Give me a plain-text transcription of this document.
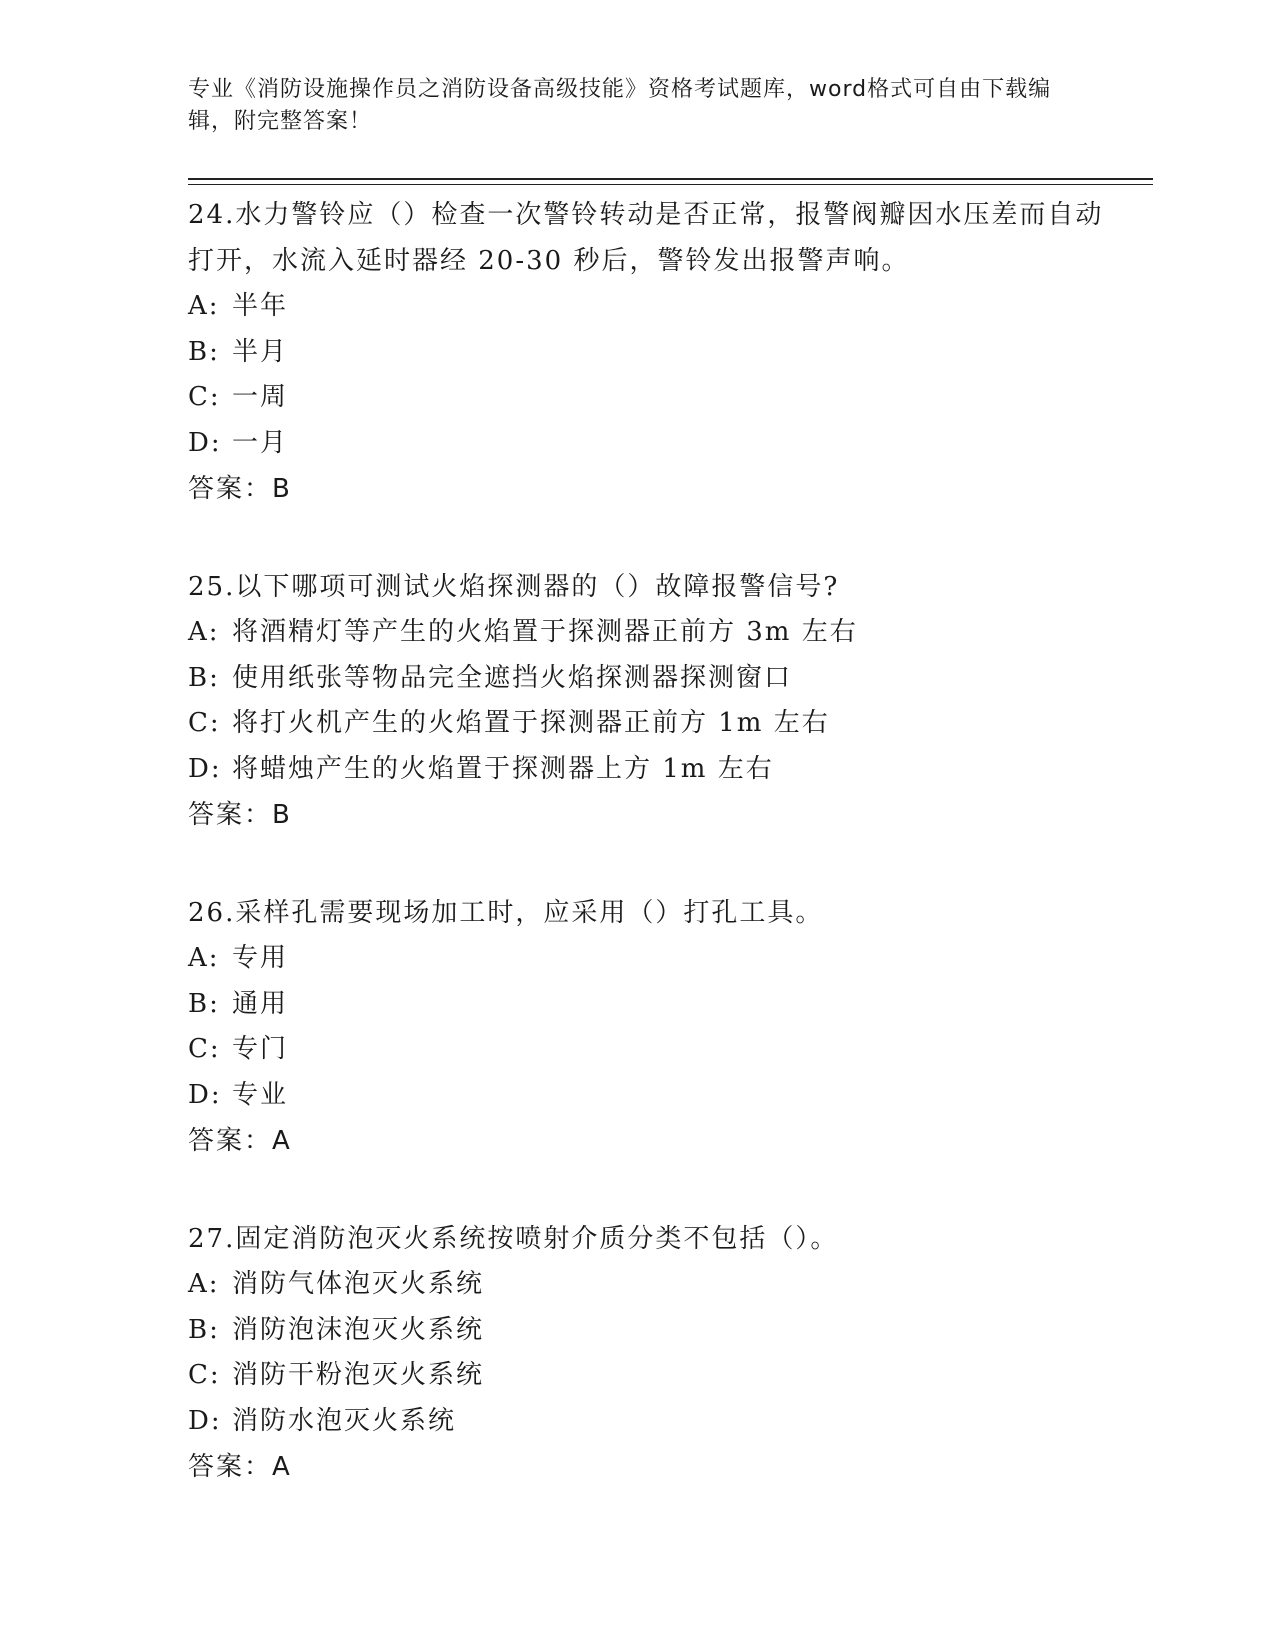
专业《消防设施操作员之消防设备高级技能》资格考试题库，word格式可自由下载编辑，附完整答案！

24.水力警铃应（）检查一次警铃转动是否正常，报警阀瓣因水压差而自动打开，水流入延时器经 20-30 秒后，警铃发出报警声响。

A: 半年

B: 半月

C: 一周

D: 一月

答案：B

25.以下哪项可测试火焰探测器的（）故障报警信号?

A: 将酒精灯等产生的火焰置于探测器正前方 3m 左右

B: 使用纸张等物品完全遮挡火焰探测器探测窗口

C: 将打火机产生的火焰置于探测器正前方 1m 左右

D: 将蜡烛产生的火焰置于探测器上方 1m 左右

答案：B

26.采样孔需要现场加工时，应采用（）打孔工具。

A: 专用

B: 通用

C: 专门

D: 专业

答案：A

27.固定消防泡灭火系统按喷射介质分类不包括（）。

A: 消防气体泡灭火系统

B: 消防泡沫泡灭火系统

C: 消防干粉泡灭火系统

D: 消防水泡灭火系统

答案：A
